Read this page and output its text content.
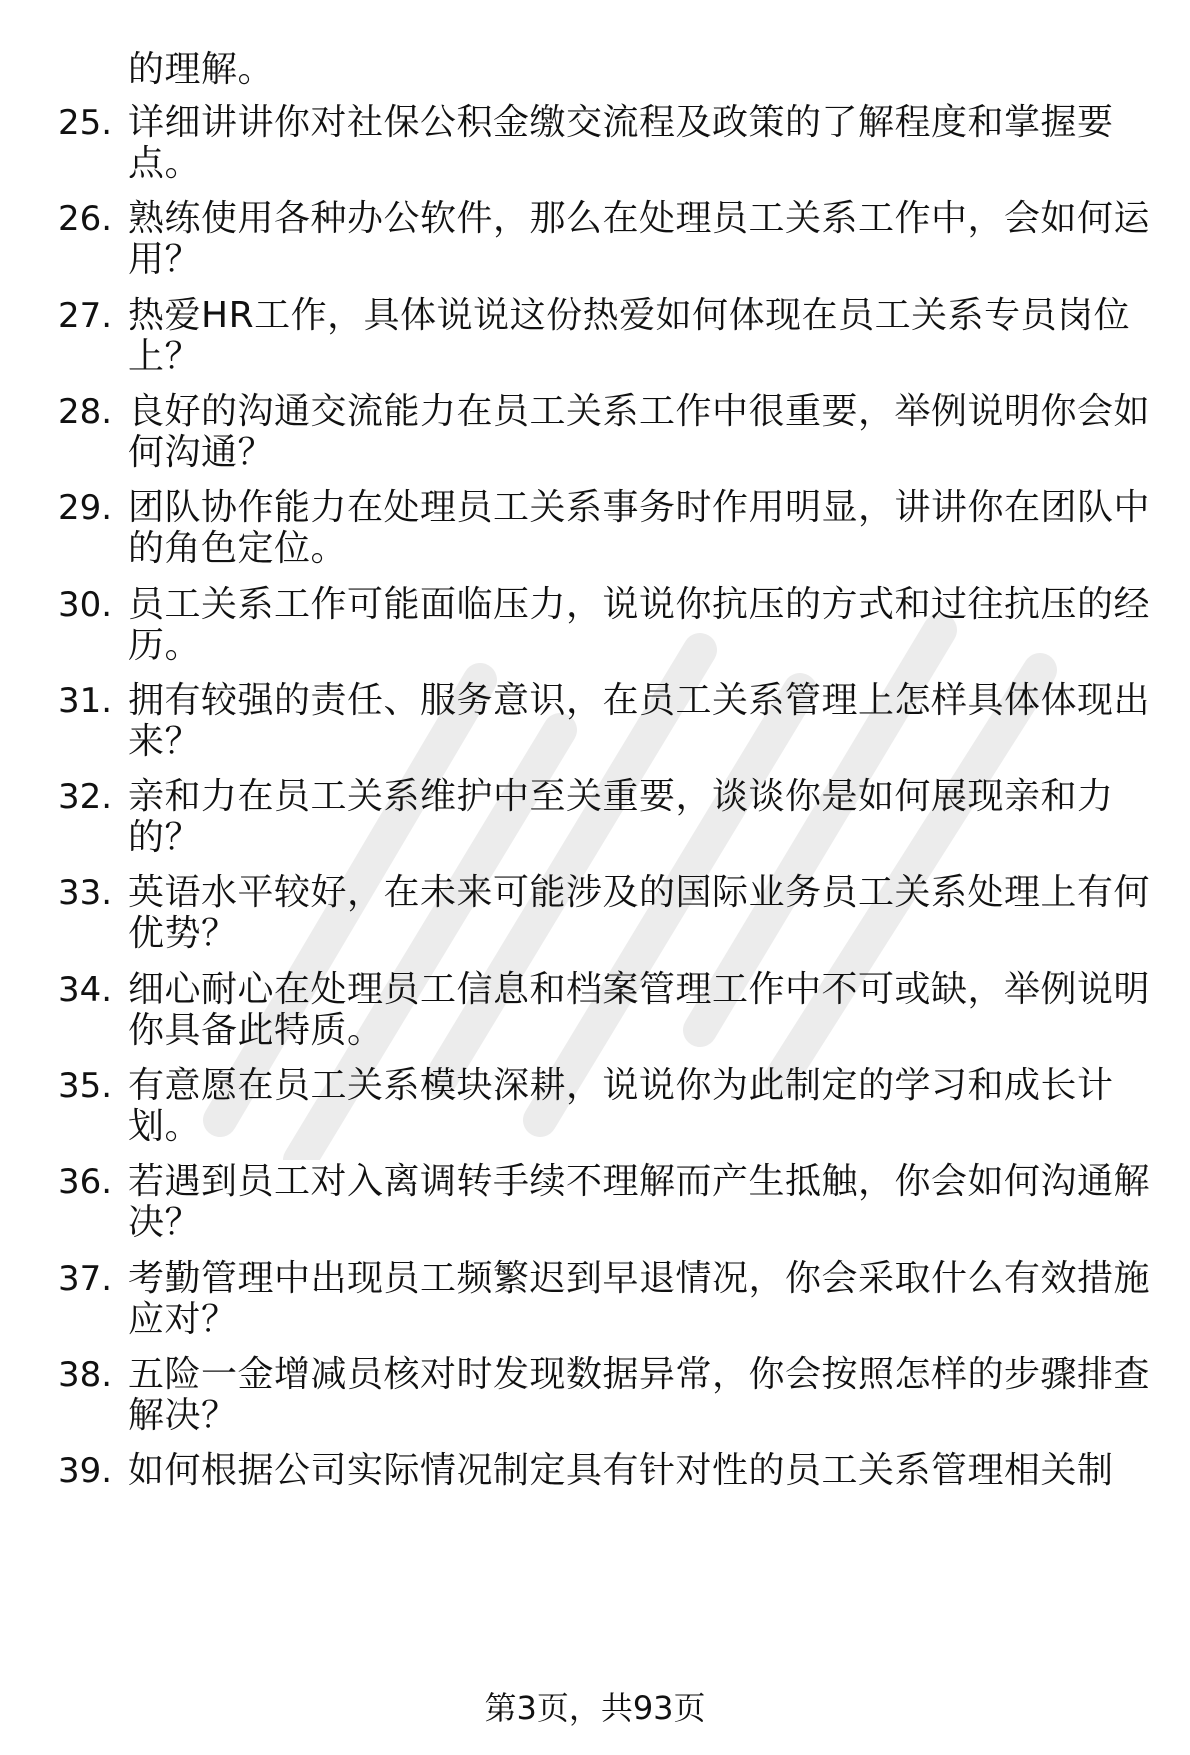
的理解。
25. 详细讲讲你对社保公积金缴交流程及政策的了解程度和掌握要
点。
26. 熟练使用各种办公软件，那么在处理员工关系工作中，会如何运
用？
27. 热爱HR工作，具体说说这份热爱如何体现在员工关系专员岗位
上？
28. 良好的沟通交流能力在员工关系工作中很重要，举例说明你会如
何沟通？
29. 团队协作能力在处理员工关系事务时作用明显，讲讲你在团队中
的角色定位。
30. 员工关系工作可能面临压力，说说你抗压的方式和过往抗压的经
历。
31. 拥有较强的责任、服务意识，在员工关系管理上怎样具体体现出
来？
32. 亲和力在员工关系维护中至关重要，谈谈你是如何展现亲和力
的？
33. 英语水平较好，在未来可能涉及的国际业务员工关系处理上有何
优势？
34. 细心耐心在处理员工信息和档案管理工作中不可或缺，举例说明
你具备此特质。
35. 有意愿在员工关系模块深耕，说说你为此制定的学习和成长计
划。
36. 若遇到员工对入离调转手续不理解而产生抵触，你会如何沟通解
决？
37. 考勤管理中出现员工频繁迟到早退情况，你会采取什么有效措施
应对？
38. 五险一金增减员核对时发现数据异常，你会按照怎样的步骤排查
解决？
39. 如何根据公司实际情况制定具有针对性的员工关系管理相关制
第3页，共93页
